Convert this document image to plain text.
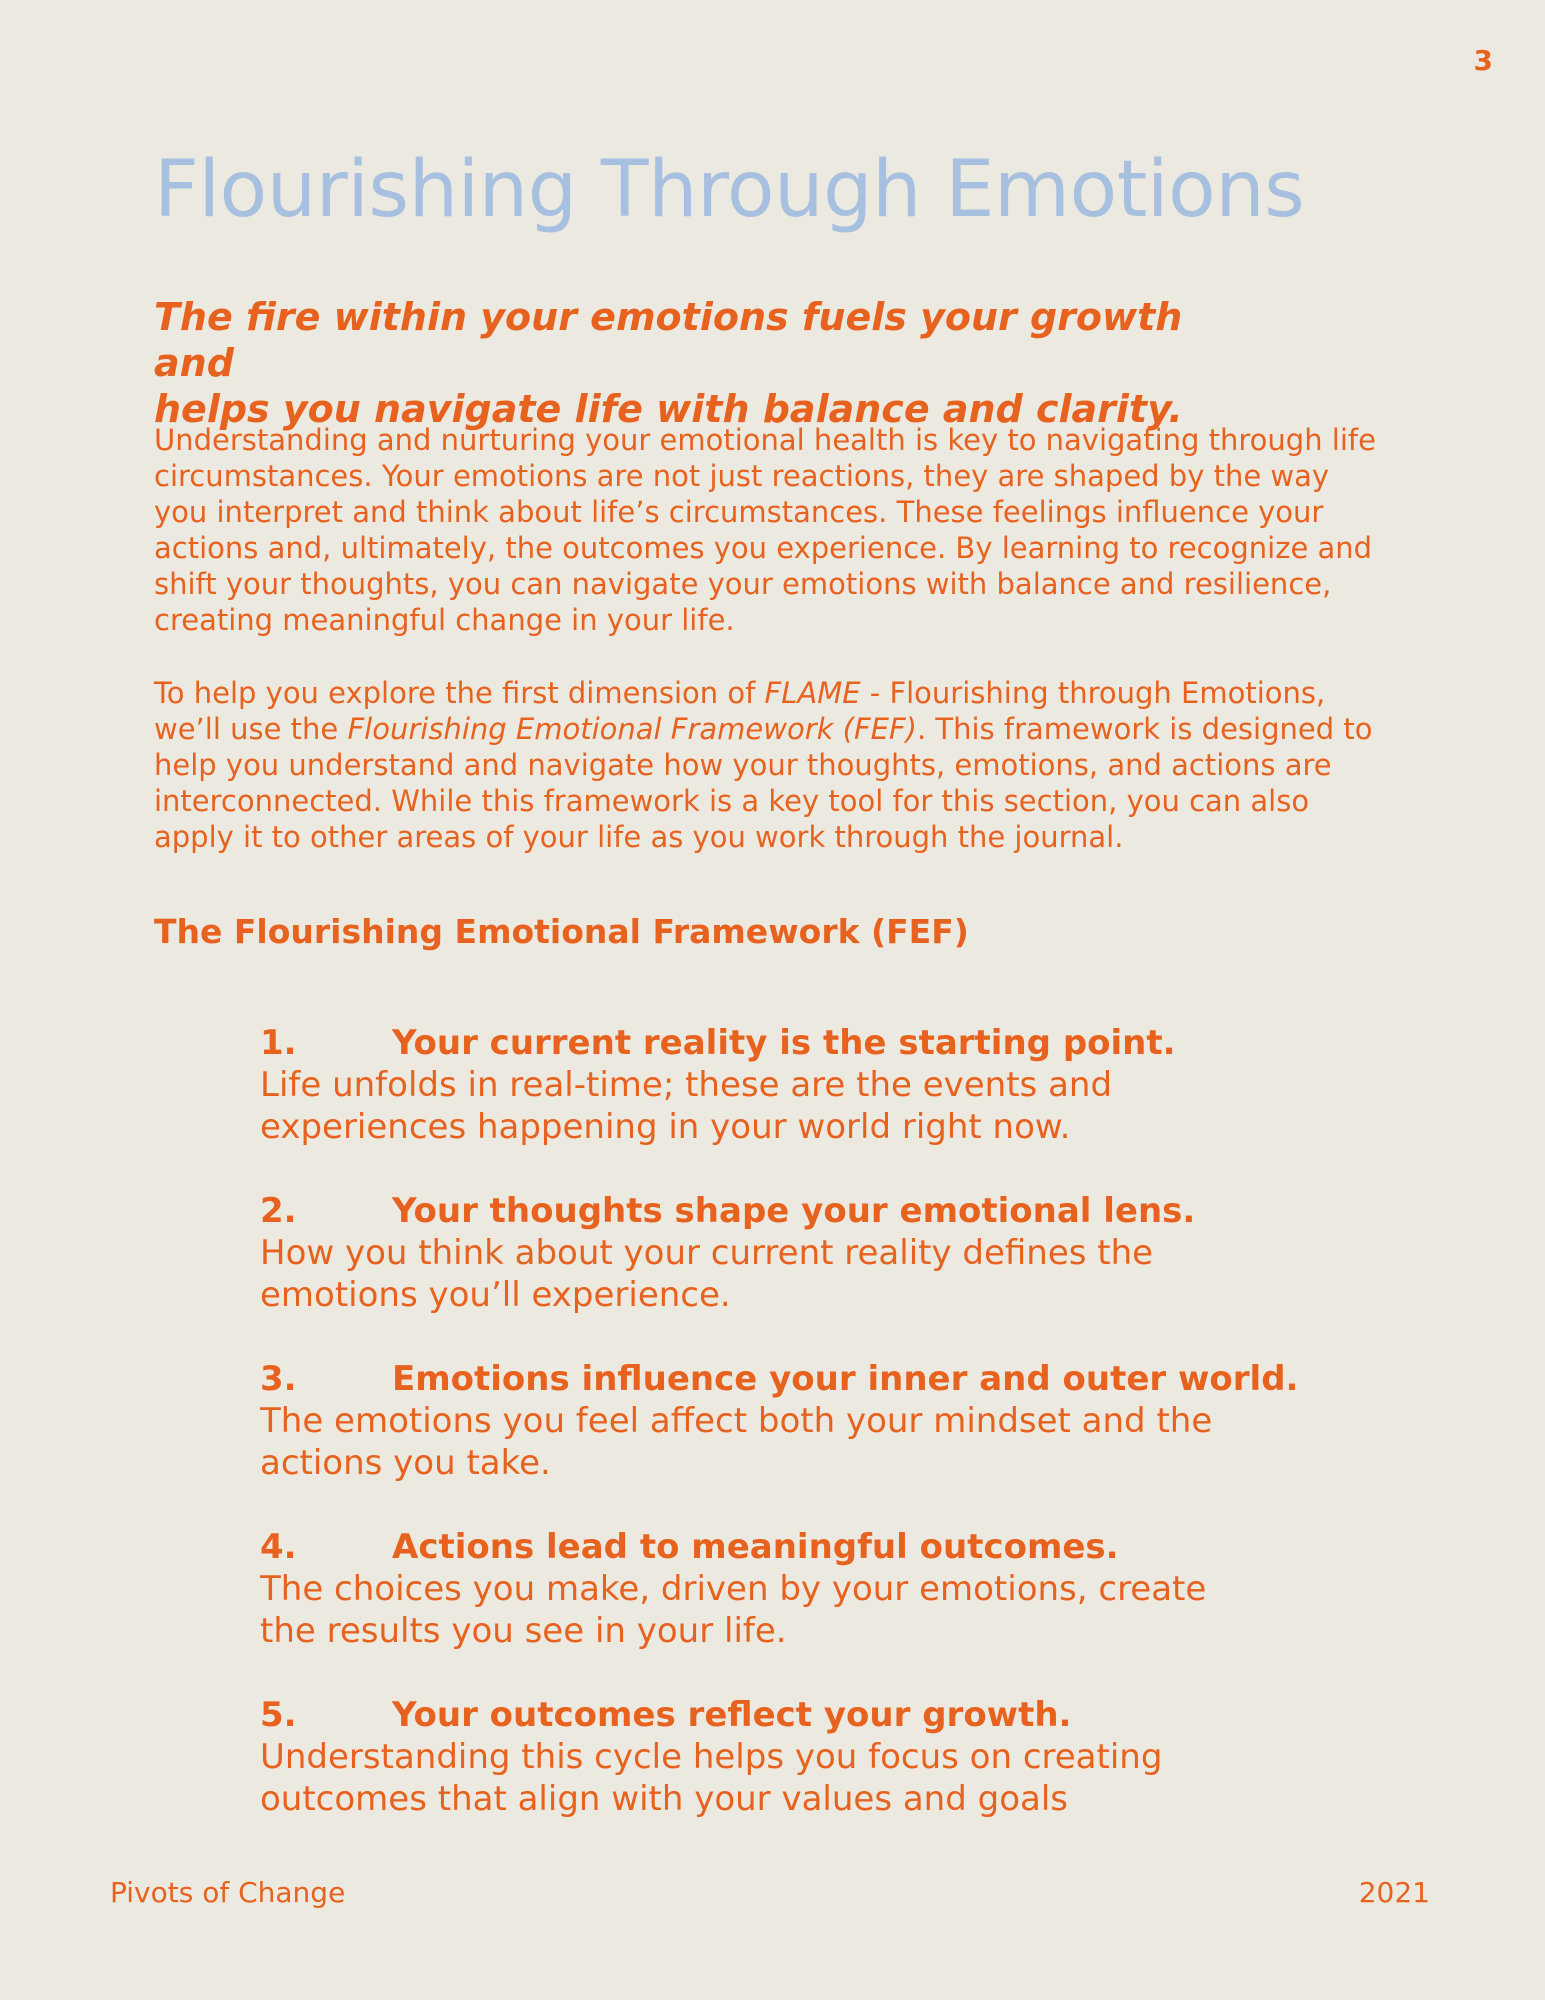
3
Flourishing Through Emotions
The fire within your emotions fuels your growth and
helps you navigate life with balance and clarity.

Understanding and nurturing your emotional health is key to navigating through life circumstances. Your emotions are not just reactions, they are shaped by the way you interpret and think about life’s circumstances. These feelings influence your actions and, ultimately, the outcomes you experience. By learning to recognize and shift your thoughts, you can navigate your emotions with balance and resilience, creating meaningful change in your life.

To help you explore the first dimension of FLAME - Flourishing through Emotions, we’ll use the Flourishing Emotional Framework (FEF). This framework is designed to help you understand and navigate how your thoughts, emotions, and actions are interconnected. While this framework is a key tool for this section, you can also apply it to other areas of your life as you work through the journal.

The Flourishing Emotional Framework (FEF)
1.	Your current reality is the starting point.
Life unfolds in real-time; these are the events and experiences happening in your world right now.
2.	Your thoughts shape your emotional lens.
How you think about your current reality defines the emotions you’ll experience.
3.	Emotions influence your inner and outer world.
The emotions you feel affect both your mindset and the actions you take.
4.	Actions lead to meaningful outcomes.
The choices you make, driven by your emotions, create the results you see in your life.
5.	Your outcomes reflect your growth.
Understanding this cycle helps you focus on creating outcomes that align with your values and goals
Pivots of Change	2021
